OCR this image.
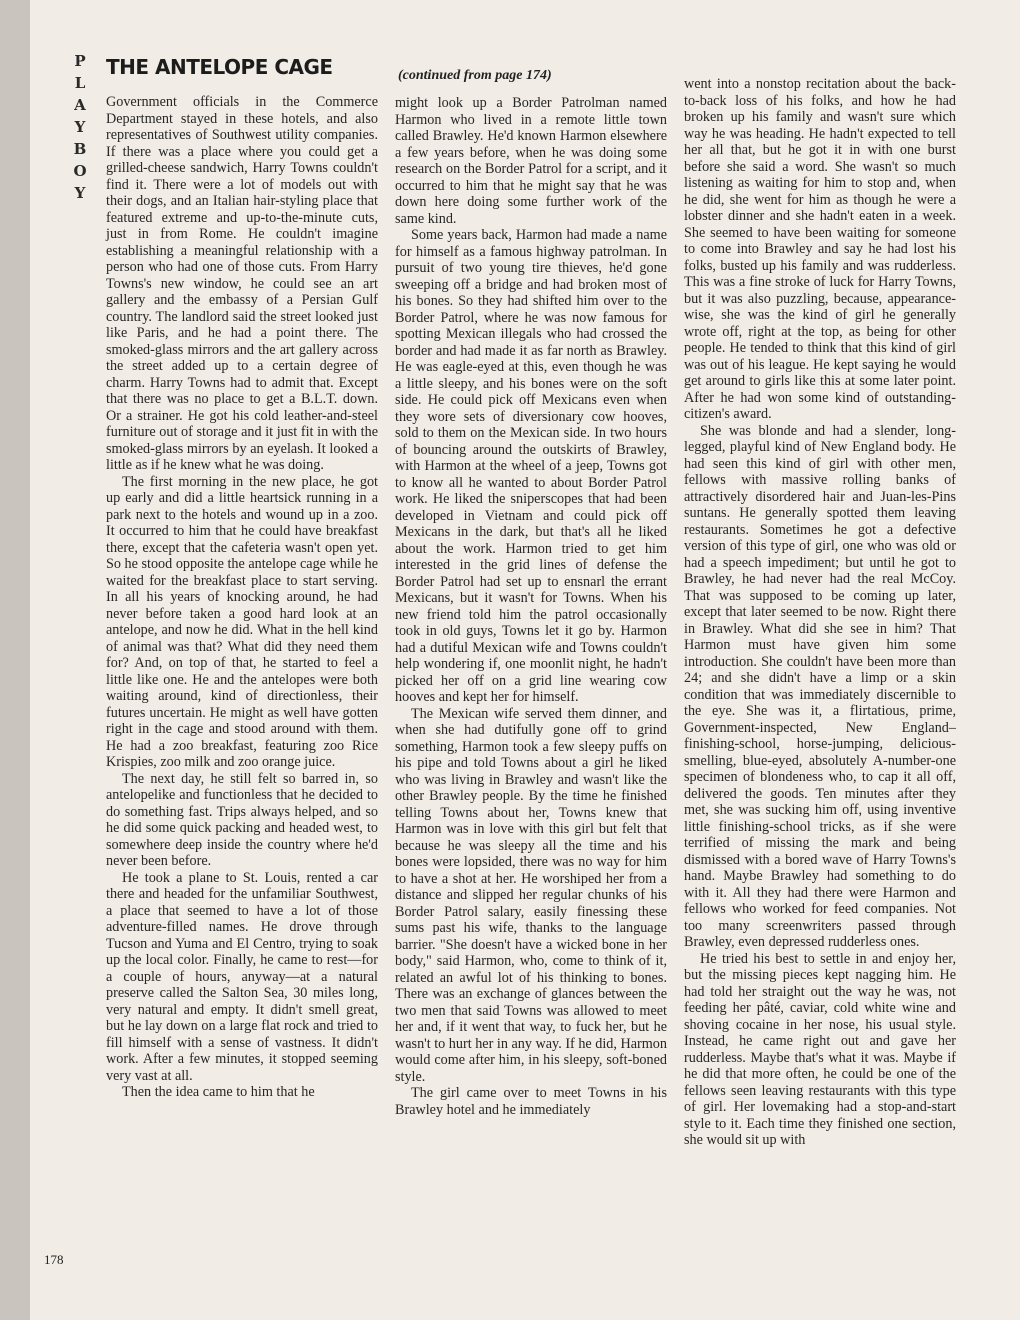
P
L
A
Y
B
O
Y
THE ANTELOPE CAGE	(continued from page 174)

Government officials in the Commerce Department stayed in these hotels, and also representatives of Southwest utility companies. If there was a place where you could get a grilled-cheese sandwich, Harry Towns couldn't find it. There were a lot of models out with their dogs, and an Italian hair-styling place that featured extreme and up-to-the-minute cuts, just in from Rome. He couldn't imagine establishing a meaningful relationship with a person who had one of those cuts. From Harry Towns's new window, he could see an art gallery and the embassy of a Persian Gulf country. The landlord said the street looked just like Paris, and he had a point there. The smoked-glass mirrors and the art gallery across the street added up to a certain degree of charm. Harry Towns had to admit that. Except that there was no place to get a B.L.T. down. Or a strainer. He got his cold leather-and-steel furniture out of storage and it just fit in with the smoked-glass mirrors by an eyelash. It looked a little as if he knew what he was doing.

The first morning in the new place, he got up early and did a little heartsick running in a park next to the hotels and wound up in a zoo. It occurred to him that he could have breakfast there, except that the cafeteria wasn't open yet. So he stood opposite the antelope cage while he waited for the breakfast place to start serving. In all his years of knocking around, he had never before taken a good hard look at an antelope, and now he did. What in the hell kind of animal was that? What did they need them for? And, on top of that, he started to feel a little like one. He and the antelopes were both waiting around, kind of directionless, their futures uncertain. He might as well have gotten right in the cage and stood around with them. He had a zoo breakfast, featuring zoo Rice Krispies, zoo milk and zoo orange juice.

The next day, he still felt so barred in, so antelopelike and functionless that he decided to do something fast. Trips always helped, and so he did some quick packing and headed west, to somewhere deep inside the country where he'd never been before.

He took a plane to St. Louis, rented a car there and headed for the unfamiliar Southwest, a place that seemed to have a lot of those adventure-filled names. He drove through Tucson and Yuma and El Centro, trying to soak up the local color. Finally, he came to rest—for a couple of hours, anyway—at a natural preserve called the Salton Sea, 30 miles long, very natural and empty. It didn't smell great, but he lay down on a large flat rock and tried to fill himself with a sense of vastness. It didn't work. After a few minutes, it stopped seeming very vast at all.

Then the idea came to him that he

might look up a Border Patrolman named Harmon who lived in a remote little town called Brawley. He'd known Harmon elsewhere a few years before, when he was doing some research on the Border Patrol for a script, and it occurred to him that he might say that he was down here doing some further work of the same kind.

Some years back, Harmon had made a name for himself as a famous highway patrolman. In pursuit of two young tire thieves, he'd gone sweeping off a bridge and had broken most of his bones. So they had shifted him over to the Border Patrol, where he was now famous for spotting Mexican illegals who had crossed the border and had made it as far north as Brawley. He was eagle-eyed at this, even though he was a little sleepy, and his bones were on the soft side. He could pick off Mexicans even when they wore sets of diversionary cow hooves, sold to them on the Mexican side. In two hours of bouncing around the outskirts of Brawley, with Harmon at the wheel of a jeep, Towns got to know all he wanted to about Border Patrol work. He liked the sniperscopes that had been developed in Vietnam and could pick off Mexicans in the dark, but that's all he liked about the work. Harmon tried to get him interested in the grid lines of defense the Border Patrol had set up to ensnarl the errant Mexicans, but it wasn't for Towns. When his new friend told him the patrol occasionally took in old guys, Towns let it go by. Harmon had a dutiful Mexican wife and Towns couldn't help wondering if, one moonlit night, he hadn't picked her off on a grid line wearing cow hooves and kept her for himself.

The Mexican wife served them dinner, and when she had dutifully gone off to grind something, Harmon took a few sleepy puffs on his pipe and told Towns about a girl he liked who was living in Brawley and wasn't like the other Brawley people. By the time he finished telling Towns about her, Towns knew that Harmon was in love with this girl but felt that because he was sleepy all the time and his bones were lopsided, there was no way for him to have a shot at her. He worshiped her from a distance and slipped her regular chunks of his Border Patrol salary, easily finessing these sums past his wife, thanks to the language barrier. "She doesn't have a wicked bone in her body," said Harmon, who, come to think of it, related an awful lot of his thinking to bones. There was an exchange of glances between the two men that said Towns was allowed to meet her and, if it went that way, to fuck her, but he wasn't to hurt her in any way. If he did, Harmon would come after him, in his sleepy, soft-boned style.

The girl came over to meet Towns in his Brawley hotel and he immediately

went into a nonstop recitation about the back-to-back loss of his folks, and how he had broken up his family and wasn't sure which way he was heading. He hadn't expected to tell her all that, but he got it in with one burst before she said a word. She wasn't so much listening as waiting for him to stop and, when he did, she went for him as though he were a lobster dinner and she hadn't eaten in a week. She seemed to have been waiting for someone to come into Brawley and say he had lost his folks, busted up his family and was rudderless. This was a fine stroke of luck for Harry Towns, but it was also puzzling, because, appearance-wise, she was the kind of girl he generally wrote off, right at the top, as being for other people. He tended to think that this kind of girl was out of his league. He kept saying he would get around to girls like this at some later point. After he had won some kind of outstanding-citizen's award.

She was blonde and had a slender, long-legged, playful kind of New England body. He had seen this kind of girl with other men, fellows with massive rolling banks of attractively disordered hair and Juan-les-Pins suntans. He generally spotted them leaving restaurants. Sometimes he got a defective version of this type of girl, one who was old or had a speech impediment; but until he got to Brawley, he had never had the real McCoy. That was supposed to be coming up later, except that later seemed to be now. Right there in Brawley. What did she see in him? That Harmon must have given him some introduction. She couldn't have been more than 24; and she didn't have a limp or a skin condition that was immediately discernible to the eye. She was it, a flirtatious, prime, Government-inspected, New England–finishing-school, horse-jumping, delicious-smelling, blue-eyed, absolutely A-number-one specimen of blondeness who, to cap it all off, delivered the goods. Ten minutes after they met, she was sucking him off, using inventive little finishing-school tricks, as if she were terrified of missing the mark and being dismissed with a bored wave of Harry Towns's hand. Maybe Brawley had something to do with it. All they had there were Harmon and fellows who worked for feed companies. Not too many screenwriters passed through Brawley, even depressed rudderless ones.

He tried his best to settle in and enjoy her, but the missing pieces kept nagging him. He had told her straight out the way he was, not feeding her pâté, caviar, cold white wine and shoving cocaine in her nose, his usual style. Instead, he came right out and gave her rudderless. Maybe that's what it was. Maybe if he did that more often, he could be one of the fellows seen leaving restaurants with this type of girl. Her lovemaking had a stop-and-start style to it. Each time they finished one section, she would sit up with

178
